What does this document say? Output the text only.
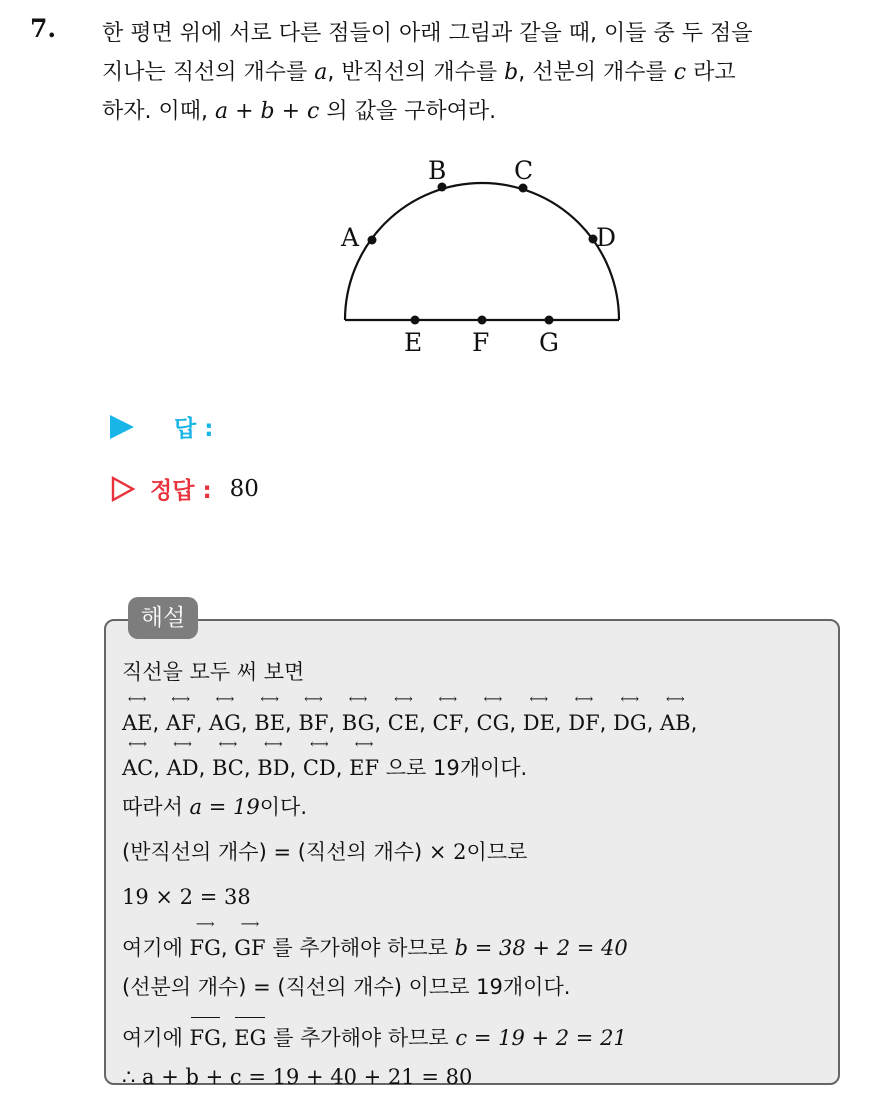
7. 한 평면 위에 서로 다른 점들이 아래 그림과 같을 때, 이들 중 두 점을
지나는 직선의 개수를 a, 반직선의 개수를 b, 선분의 개수를 c 라고
하자. 이때, a + b + c 의 값을 구하여라.
A
B	C
D
E F G
답 :
정답 : 80
해설
직선을 모두 써 보면
⟷
AE,
⟷
AF,
⟷
AG,
⟷
BE,
⟷
BF,
⟷
BG,
⟷
CE,
⟷
CF,
⟷
CG,
⟷
DE,
⟷
DF,
⟷
DG,
⟷
AB,
⟷
AC,
⟷
AD,
⟷
BC,
⟷
BD,
⟷
CD,
⟷
EF 으로 19개이다.
따라서 a = 19이다.
(반직선의 개수) = (직선의 개수) × 2이므로
19 × 2 = 38
여기에
⟶
FG,
⟶
GF 를 추가해야 하므로 b = 38 + 2 = 40
(선분의 개수) = (직선의 개수) 이므로 19개이다.
여기에 FG,
EG 를 추가해야 하므로 c = 19 + 2 = 21
∴ a + b + c = 19 + 40 + 21 = 80
